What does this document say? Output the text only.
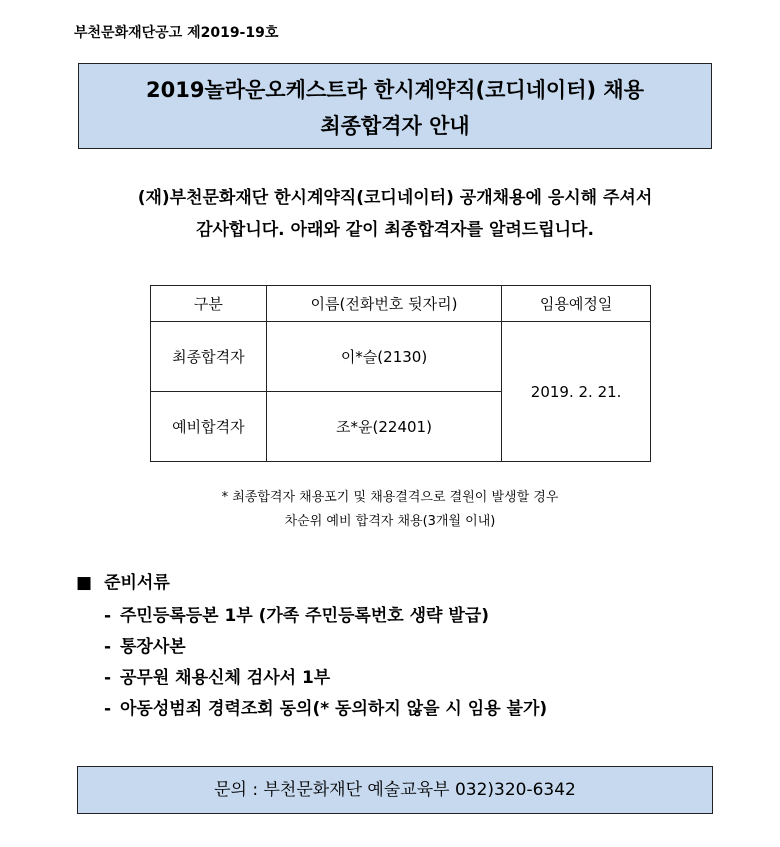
부천문화재단공고 제2019-19호
2019놀라운오케스트라 한시계약직(코디네이터) 채용
최종합격자 안내
(재)부천문화재단 한시계약직(코디네이터) 공개채용에 응시해 주셔서
감사합니다. 아래와 같이 최종합격자를 알려드립니다.
구분	이름(전화번호 뒷자리)	임용예정일
최종합격자	이*슬(2130)	2019. 2. 21.
예비합격자	조*윤(22401)	
* 최종합격자 채용포기 및 채용결격으로 결원이 발생할 경우
차순위 예비 합격자 채용(3개월 이내)
■ 준비서류
- 주민등록등본 1부 (가족 주민등록번호 생략 발급)
- 통장사본
- 공무원 채용신체 검사서 1부
- 아동성범죄 경력조회 동의(* 동의하지 않을 시 임용 불가)
문의 : 부천문화재단 예술교육부 032)320-6342
